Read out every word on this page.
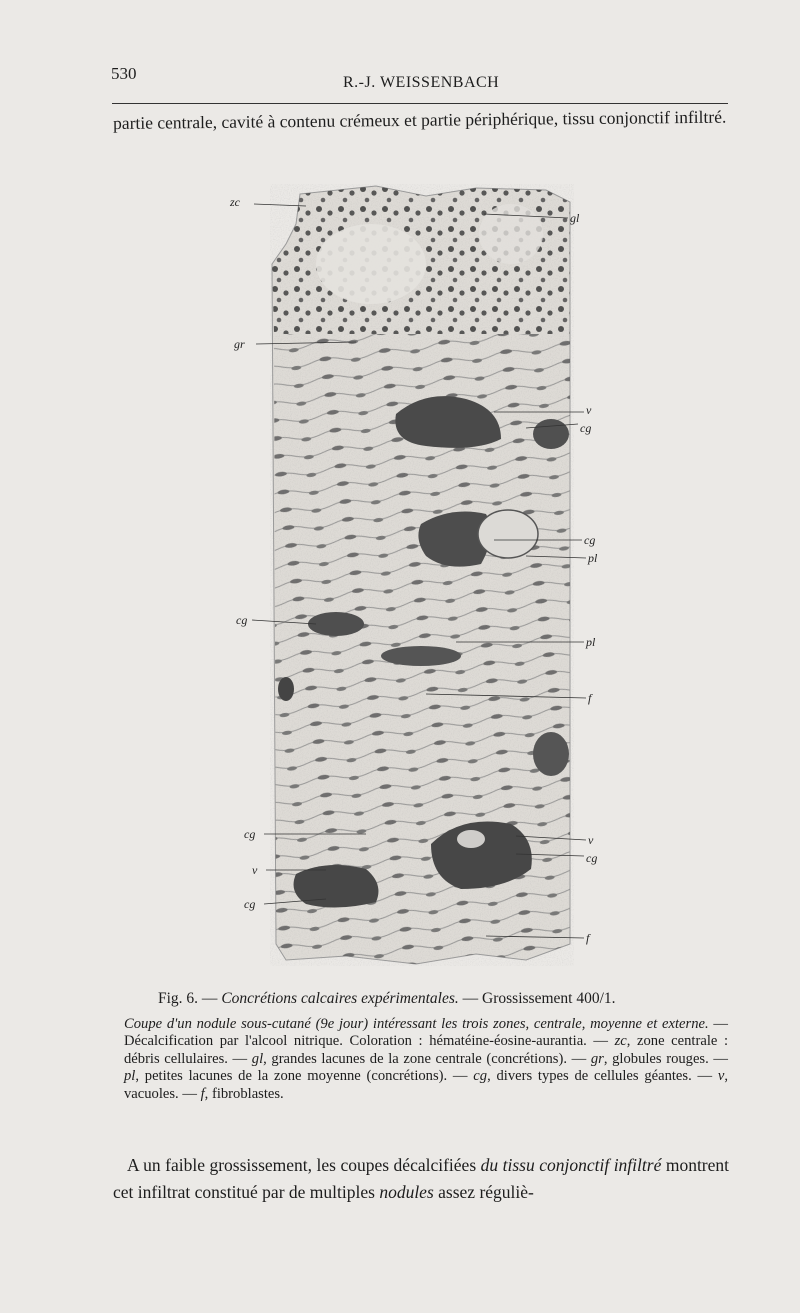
530	R.-J. WEISSENBACH
partie centrale, cavité à contenu crémeux et partie périphérique, tissu conjonctif infiltré.
zc
gl
gr
v
cg
cg
pl
cg
pl
f
cg
v
cg
v
cg
f
Fig. 6. — Concrétions calcaires expérimentales. — Grossissement 400/1.
Coupe d'un nodule sous-cutané (9e jour) intéressant les trois zones, centrale, moyenne et externe. — Décalcification par l'alcool nitrique. Coloration : hématéine-éosine-aurantia. — zc, zone centrale : débris cellulaires. — gl, grandes lacunes de la zone centrale (concrétions). — gr, globules rouges. — pl, petites lacunes de la zone moyenne (concrétions). — cg, divers types de cellules géantes. — v, vacuoles. — f, fibroblastes.
A un faible grossissement, les coupes décalcifiées du tissu conjonctif infiltré montrent cet infiltrat constitué par de multiples nodules assez réguliè-
